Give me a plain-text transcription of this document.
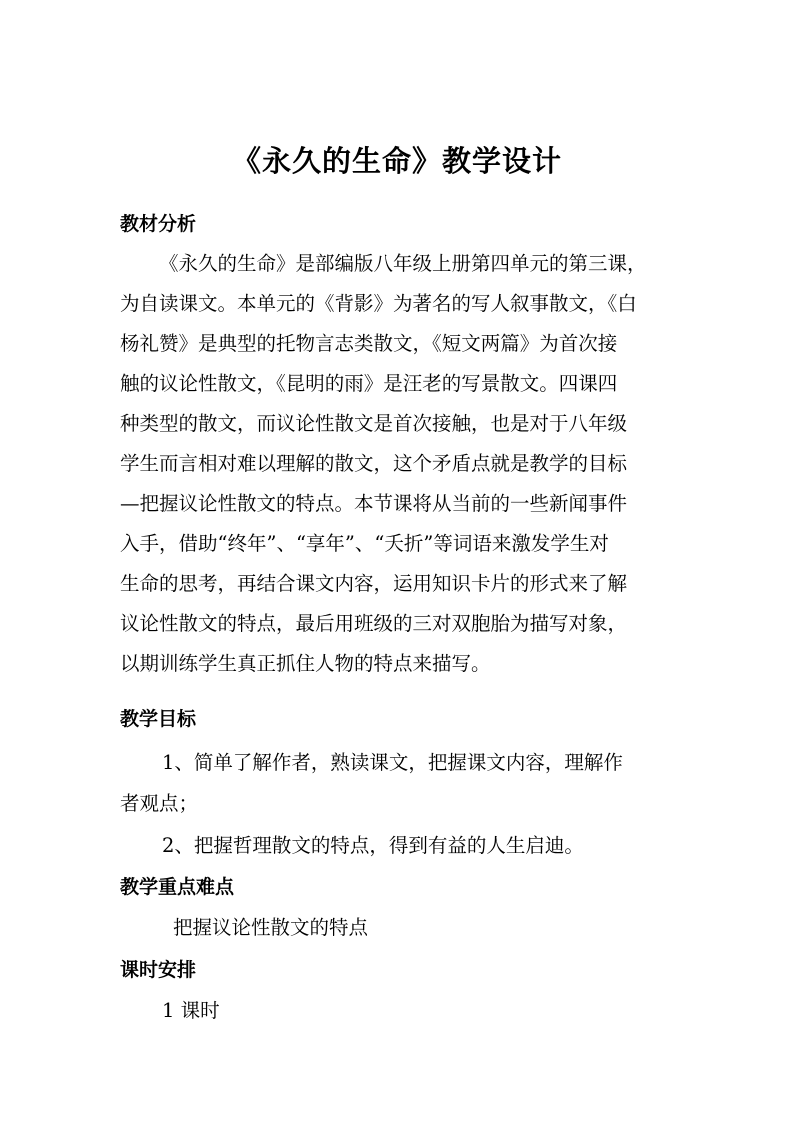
《永久的生命》教学设计
教材分析
《永久的生命》是部编版八年级上册第四单元的第三课，
为自读课文。本单元的《背影》为著名的写人叙事散文，《白
杨礼赞》是典型的托物言志类散文，《短文两篇》为首次接
触的议论性散文，《昆明的雨》是汪老的写景散文。四课四
种类型的散文，而议论性散文是首次接触，也是对于八年级
学生而言相对难以理解的散文，这个矛盾点就是教学的目标
—把握议论性散文的特点。本节课将从当前的一些新闻事件
入手，借助“终年”、“享年”、“夭折”等词语来激发学生对
生命的思考，再结合课文内容，运用知识卡片的形式来了解
议论性散文的特点，最后用班级的三对双胞胎为描写对象，
以期训练学生真正抓住人物的特点来描写。
教学目标
1、简单了解作者，熟读课文，把握课文内容，理解作
者观点；
2、把握哲理散文的特点，得到有益的人生启迪。
教学重点难点
把握议论性散文的特点
课时安排
1 课时
